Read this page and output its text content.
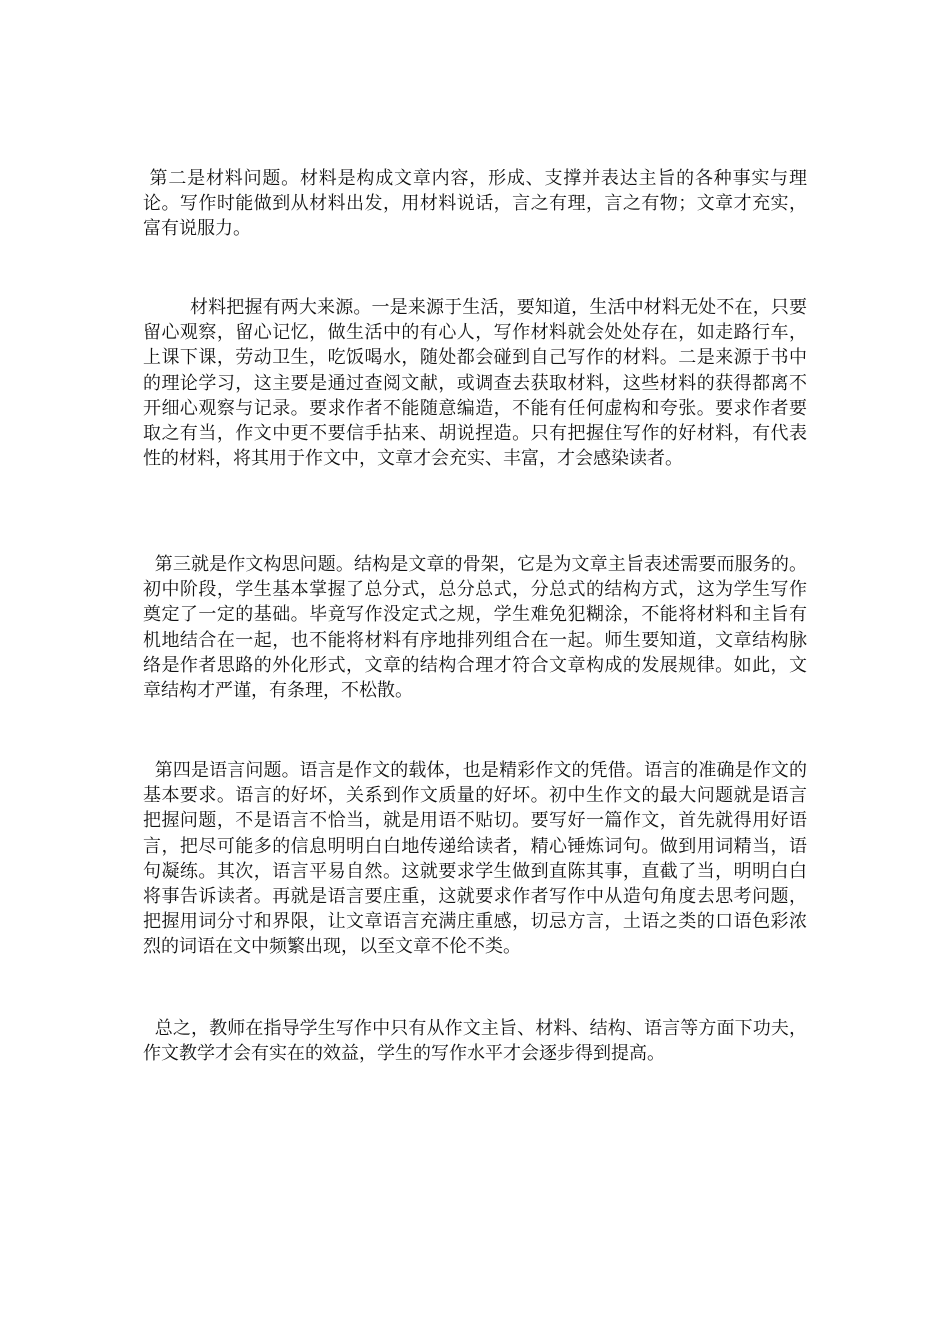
第二是材料问题。材料是构成文章内容，形成、支撑并表达主旨的各种事实与理论。写作时能做到从材料出发，用材料说话，言之有理，言之有物；文章才充实，富有说服力。

材料把握有两大来源。一是来源于生活，要知道，生活中材料无处不在，只要留心观察，留心记忆，做生活中的有心人，写作材料就会处处存在，如走路行车，上课下课，劳动卫生，吃饭喝水，随处都会碰到自己写作的材料。二是来源于书中的理论学习，这主要是通过查阅文献，或调查去获取材料，这些材料的获得都离不开细心观察与记录。要求作者不能随意编造，不能有任何虚构和夸张。要求作者要取之有当，作文中更不要信手拈来、胡说捏造。只有把握住写作的好材料，有代表性的材料，将其用于作文中，文章才会充实、丰富，才会感染读者。

第三就是作文构思问题。结构是文章的骨架，它是为文章主旨表述需要而服务的。初中阶段，学生基本掌握了总分式，总分总式，分总式的结构方式，这为学生写作奠定了一定的基础。毕竟写作没定式之规，学生难免犯糊涂，不能将材料和主旨有机地结合在一起，也不能将材料有序地排列组合在一起。师生要知道，文章结构脉络是作者思路的外化形式，文章的结构合理才符合文章构成的发展规律。如此，文章结构才严谨，有条理，不松散。

第四是语言问题。语言是作文的载体，也是精彩作文的凭借。语言的准确是作文的基本要求。语言的好坏，关系到作文质量的好坏。初中生作文的最大问题就是语言把握问题，不是语言不恰当，就是用语不贴切。要写好一篇作文，首先就得用好语言，把尽可能多的信息明明白白地传递给读者，精心锤炼词句。做到用词精当，语句凝练。其次，语言平易自然。这就要求学生做到直陈其事，直截了当，明明白白将事告诉读者。再就是语言要庄重，这就要求作者写作中从造句角度去思考问题，把握用词分寸和界限，让文章语言充满庄重感，切忌方言，土语之类的口语色彩浓烈的词语在文中频繁出现，以至文章不伦不类。

总之，教师在指导学生写作中只有从作文主旨、材料、结构、语言等方面下功夫，作文教学才会有实在的效益，学生的写作水平才会逐步得到提高。
